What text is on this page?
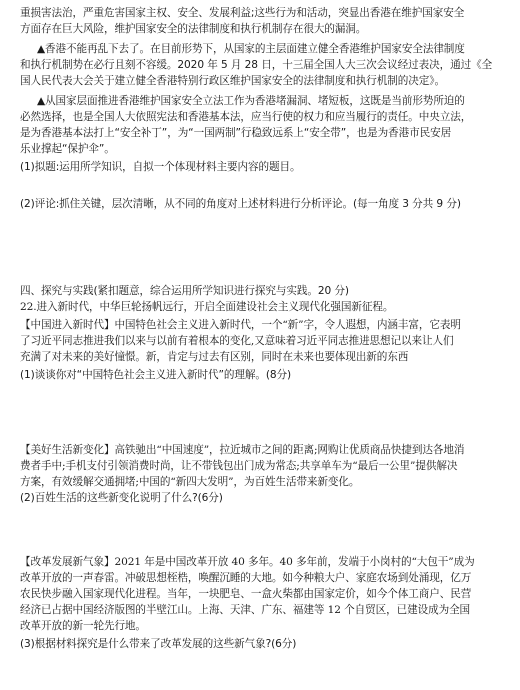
重损害法治，严重危害国家主权、安全、发展利益;这些行为和活动，突显出香港在维护国家安全
方面存在巨大风险，维护国家安全的法律制度和执行机制存在很大的漏洞。
▲香港不能再乱下去了。在目前形势下，从国家的主层面建立健全香港维护国家安全法律制度
和执行机制势在必行且刻不容缓。2020 年 5 月 28 日，十三届全国人大三次会议经过表决，通过《全
国人民代表大会关于建立健全香港特别行政区维护国家安全的法律制度和执行机制的决定》。
▲从国家层面推进香港维护国家安全立法工作为香港堵漏洞、堵短板，这既是当前形势所迫的
必然选择，也是全国人大依照宪法和香港基本法，应当行使的权力和应当履行的责任。中央立法，
是为香港基本法打上“安全补丁”，为“一国两制”行稳致远系上“安全带”，也是为香港市民安居
乐业撑起“保护伞”。
(1)拟题:运用所学知识，自拟一个体现材料主要内容的题目。
(2)评论:抓住关键，层次清晰，从不同的角度对上述材料进行分析评论。(每一角度 3 分共 9 分)
四、探究与实践(紧扣题意，综合运用所学知识进行探究与实践。20 分)
22.进入新时代，中华巨轮扬帆远行，开启全面建设社会主义现代化强国新征程。
【中国进入新时代】中国特色社会主义进入新时代，一个“新”字，令人遐想，内涵丰富，它表明
了习近平同志推进我们以来与以前有着根本的变化,又意味着习近平同志推进思想记以来让人们
充满了对未来的美好憧憬。新，肯定与过去有区别，同时在未来也要体现出新的东西
(1)谈谈你对“中国特色社会主义进入新时代”的理解。(8分)
【美好生活新变化】高铁驰出“中国速度”，拉近城市之间的距离;网购让优质商品快捷到达各地消
费者手中;手机支付引领消费时尚，让不带钱包出门成为常态;共享单车为“最后一公里”提供解决
方案，有效缓解交通拥堵;中国的“新四大发明”，为百姓生活带来新变化。
(2)百姓生活的这些新变化说明了什么?(6分)
【改革发展新气象】2021 年是中国改革开放 40 多年。40 多年前，发端于小岗村的“大包干”成为
改革开放的一声春雷。冲破思想桎梏，唤醒沉睡的大地。如今种粮大户、家庭农场到处涌现，亿万
农民快步融入国家现代化进程。当年，一块肥皂、一盒火柴都由国家定价，如今个体工商户、民营
经济已占据中国经济版图的半壁江山。上海、天津、广东、福建等 12 个自贸区，已建设成为全国
改革开放的新一轮先行地。
(3)根据材料探究是什么带来了改革发展的这些新气象?(6分)
